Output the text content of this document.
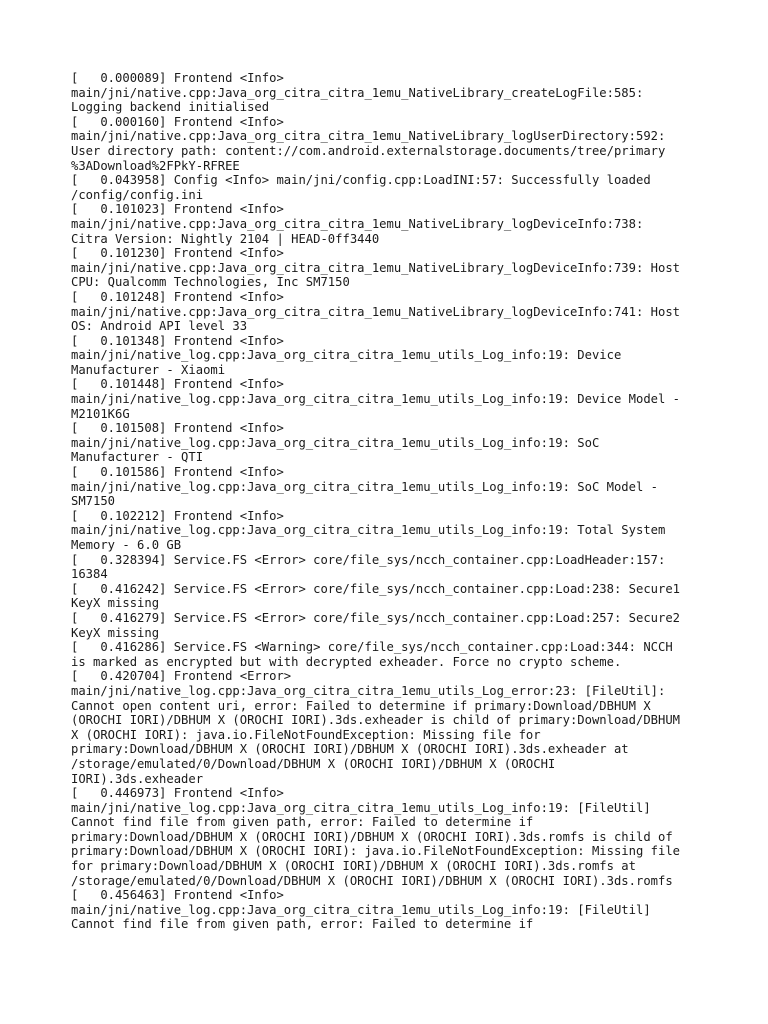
[   0.000089] Frontend <Info>
main/jni/native.cpp:Java_org_citra_citra_1emu_NativeLibrary_createLogFile:585:
Logging backend initialised
[   0.000160] Frontend <Info>
main/jni/native.cpp:Java_org_citra_citra_1emu_NativeLibrary_logUserDirectory:592:
User directory path: content://com.android.externalstorage.documents/tree/primary
%3ADownload%2FPkY-RFREE
[   0.043958] Config <Info> main/jni/config.cpp:LoadINI:57: Successfully loaded
/config/config.ini
[   0.101023] Frontend <Info>
main/jni/native.cpp:Java_org_citra_citra_1emu_NativeLibrary_logDeviceInfo:738:
Citra Version: Nightly 2104 | HEAD-0ff3440
[   0.101230] Frontend <Info>
main/jni/native.cpp:Java_org_citra_citra_1emu_NativeLibrary_logDeviceInfo:739: Host
CPU: Qualcomm Technologies, Inc SM7150
[   0.101248] Frontend <Info>
main/jni/native.cpp:Java_org_citra_citra_1emu_NativeLibrary_logDeviceInfo:741: Host
OS: Android API level 33
[   0.101348] Frontend <Info>
main/jni/native_log.cpp:Java_org_citra_citra_1emu_utils_Log_info:19: Device
Manufacturer - Xiaomi
[   0.101448] Frontend <Info>
main/jni/native_log.cpp:Java_org_citra_citra_1emu_utils_Log_info:19: Device Model -
M2101K6G
[   0.101508] Frontend <Info>
main/jni/native_log.cpp:Java_org_citra_citra_1emu_utils_Log_info:19: SoC
Manufacturer - QTI
[   0.101586] Frontend <Info>
main/jni/native_log.cpp:Java_org_citra_citra_1emu_utils_Log_info:19: SoC Model -
SM7150
[   0.102212] Frontend <Info>
main/jni/native_log.cpp:Java_org_citra_citra_1emu_utils_Log_info:19: Total System
Memory - 6.0 GB
[   0.328394] Service.FS <Error> core/file_sys/ncch_container.cpp:LoadHeader:157:
16384
[   0.416242] Service.FS <Error> core/file_sys/ncch_container.cpp:Load:238: Secure1
KeyX missing
[   0.416279] Service.FS <Error> core/file_sys/ncch_container.cpp:Load:257: Secure2
KeyX missing
[   0.416286] Service.FS <Warning> core/file_sys/ncch_container.cpp:Load:344: NCCH
is marked as encrypted but with decrypted exheader. Force no crypto scheme.
[   0.420704] Frontend <Error>
main/jni/native_log.cpp:Java_org_citra_citra_1emu_utils_Log_error:23: [FileUtil]:
Cannot open content uri, error: Failed to determine if primary:Download/DBHUM X
(OROCHI IORI)/DBHUM X (OROCHI IORI).3ds.exheader is child of primary:Download/DBHUM
X (OROCHI IORI): java.io.FileNotFoundException: Missing file for
primary:Download/DBHUM X (OROCHI IORI)/DBHUM X (OROCHI IORI).3ds.exheader at
/storage/emulated/0/Download/DBHUM X (OROCHI IORI)/DBHUM X (OROCHI
IORI).3ds.exheader
[   0.446973] Frontend <Info>
main/jni/native_log.cpp:Java_org_citra_citra_1emu_utils_Log_info:19: [FileUtil]
Cannot find file from given path, error: Failed to determine if
primary:Download/DBHUM X (OROCHI IORI)/DBHUM X (OROCHI IORI).3ds.romfs is child of
primary:Download/DBHUM X (OROCHI IORI): java.io.FileNotFoundException: Missing file
for primary:Download/DBHUM X (OROCHI IORI)/DBHUM X (OROCHI IORI).3ds.romfs at
/storage/emulated/0/Download/DBHUM X (OROCHI IORI)/DBHUM X (OROCHI IORI).3ds.romfs
[   0.456463] Frontend <Info>
main/jni/native_log.cpp:Java_org_citra_citra_1emu_utils_Log_info:19: [FileUtil]
Cannot find file from given path, error: Failed to determine if
